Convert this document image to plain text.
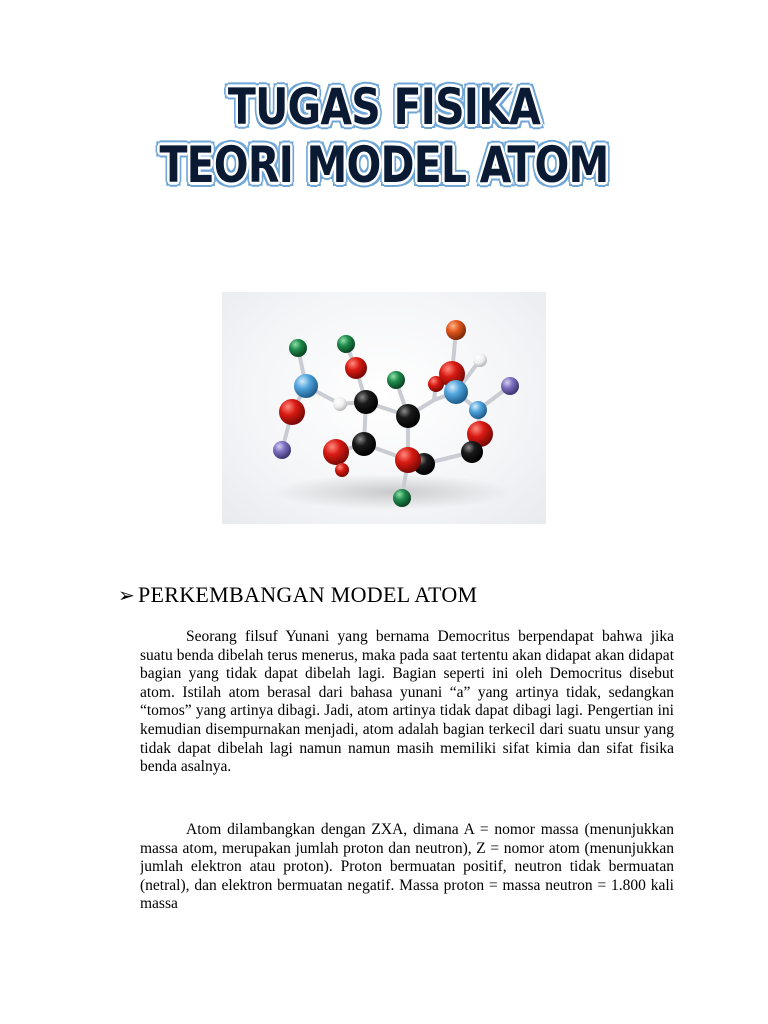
TUGAS FISIKA
TEORI MODEL ATOM
➢ PERKEMBANGAN MODEL ATOM

Seorang filsuf Yunani yang bernama Democritus berpendapat bahwa jika suatu benda dibelah terus menerus, maka pada saat tertentu akan didapat akan didapat bagian yang tidak dapat dibelah lagi. Bagian seperti ini oleh Democritus disebut atom. Istilah atom berasal dari bahasa yunani “a” yang artinya tidak, sedangkan “tomos” yang artinya dibagi. Jadi, atom artinya tidak dapat dibagi lagi. Pengertian ini kemudian disempurnakan menjadi, atom adalah bagian terkecil dari suatu unsur yang tidak dapat dibelah lagi namun namun masih memiliki sifat kimia dan sifat fisika benda asalnya.

Atom dilambangkan dengan ZXA, dimana A = nomor massa (menunjukkan massa atom, merupakan jumlah proton dan neutron), Z = nomor atom (menunjukkan jumlah elektron atau proton). Proton bermuatan positif, neutron tidak bermuatan (netral), dan elektron bermuatan negatif. Massa proton = massa neutron = 1.800 kali massa
